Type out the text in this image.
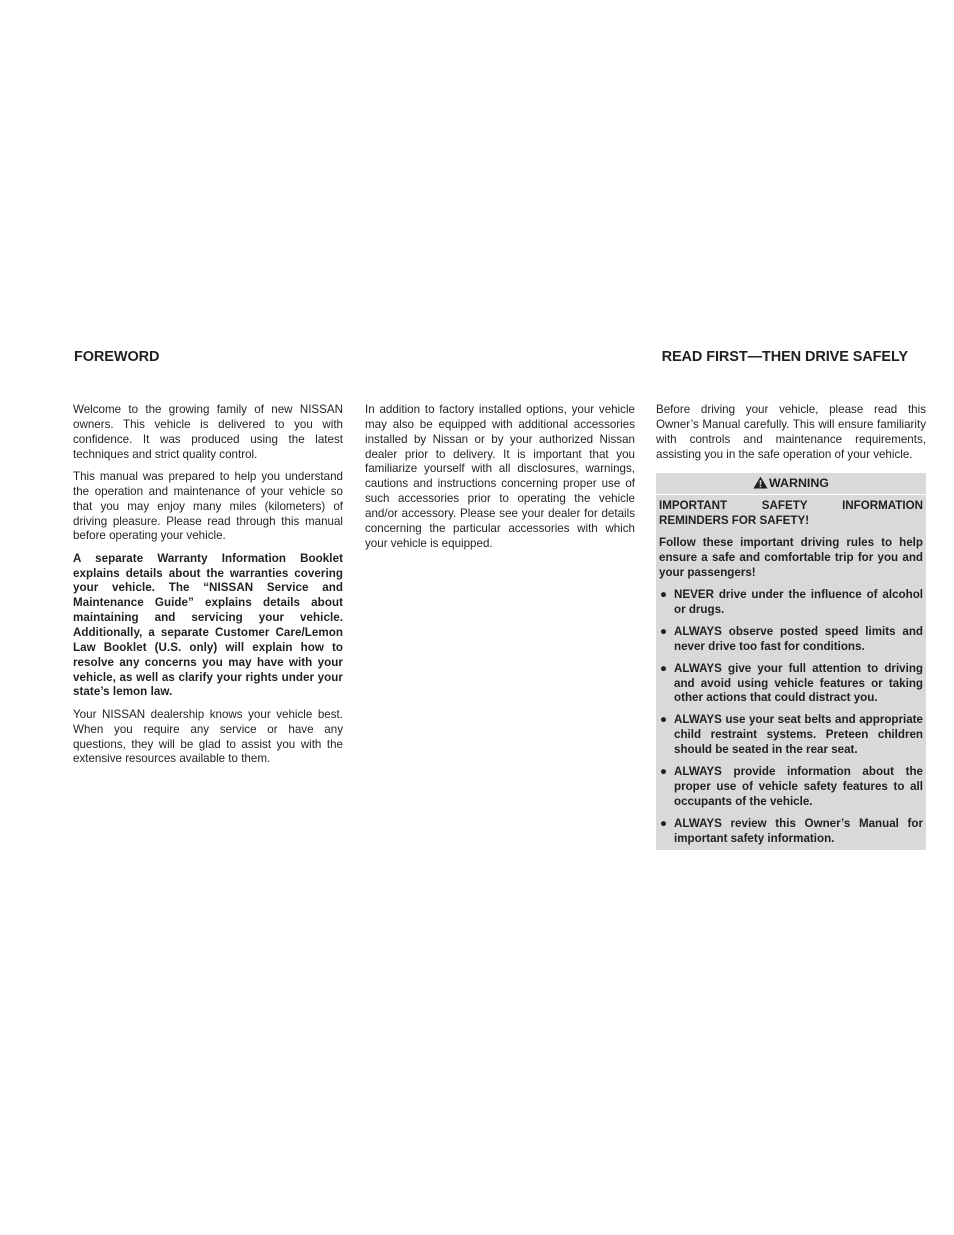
FOREWORD	READ FIRST—THEN DRIVE SAFELY

Welcome to the growing family of new NISSAN owners. This vehicle is delivered to you with confidence. It was produced using the latest techniques and strict quality control.

This manual was prepared to help you understand the operation and maintenance of your vehicle so that you may enjoy many miles (kilometers) of driving pleasure. Please read through this manual before operating your vehicle.

A separate Warranty Information Booklet explains details about the warranties covering your vehicle. The “NISSAN Service and Maintenance Guide” explains details about maintaining and servicing your vehicle. Additionally, a separate Customer Care/Lemon Law Booklet (U.S. only) will explain how to resolve any concerns you may have with your vehicle, as well as clarify your rights under your state’s lemon law.

Your NISSAN dealership knows your vehicle best. When you require any service or have any questions, they will be glad to assist you with the extensive resources available to them.

In addition to factory installed options, your vehicle may also be equipped with additional accessories installed by Nissan or by your authorized Nissan dealer prior to delivery. It is important that you familiarize yourself with all disclosures, warnings, cautions and instructions concerning proper use of such accessories prior to operating the vehicle and/or accessory. Please see your dealer for details concerning the particular accessories with which your vehicle is equipped.

Before driving your vehicle, please read this Owner’s Manual carefully. This will ensure familiarity with controls and maintenance requirements, assisting you in the safe operation of your vehicle.

WARNING

IMPORTANT SAFETY INFORMATION REMINDERS FOR SAFETY!

Follow these important driving rules to help ensure a safe and comfortable trip for you and your passengers!

● NEVER drive under the influence of alcohol or drugs.
● ALWAYS observe posted speed limits and never drive too fast for conditions.
● ALWAYS give your full attention to driving and avoid using vehicle features or taking other actions that could distract you.
● ALWAYS use your seat belts and appropriate child restraint systems. Preteen children should be seated in the rear seat.
● ALWAYS provide information about the proper use of vehicle safety features to all occupants of the vehicle.
● ALWAYS review this Owner’s Manual for important safety information.
